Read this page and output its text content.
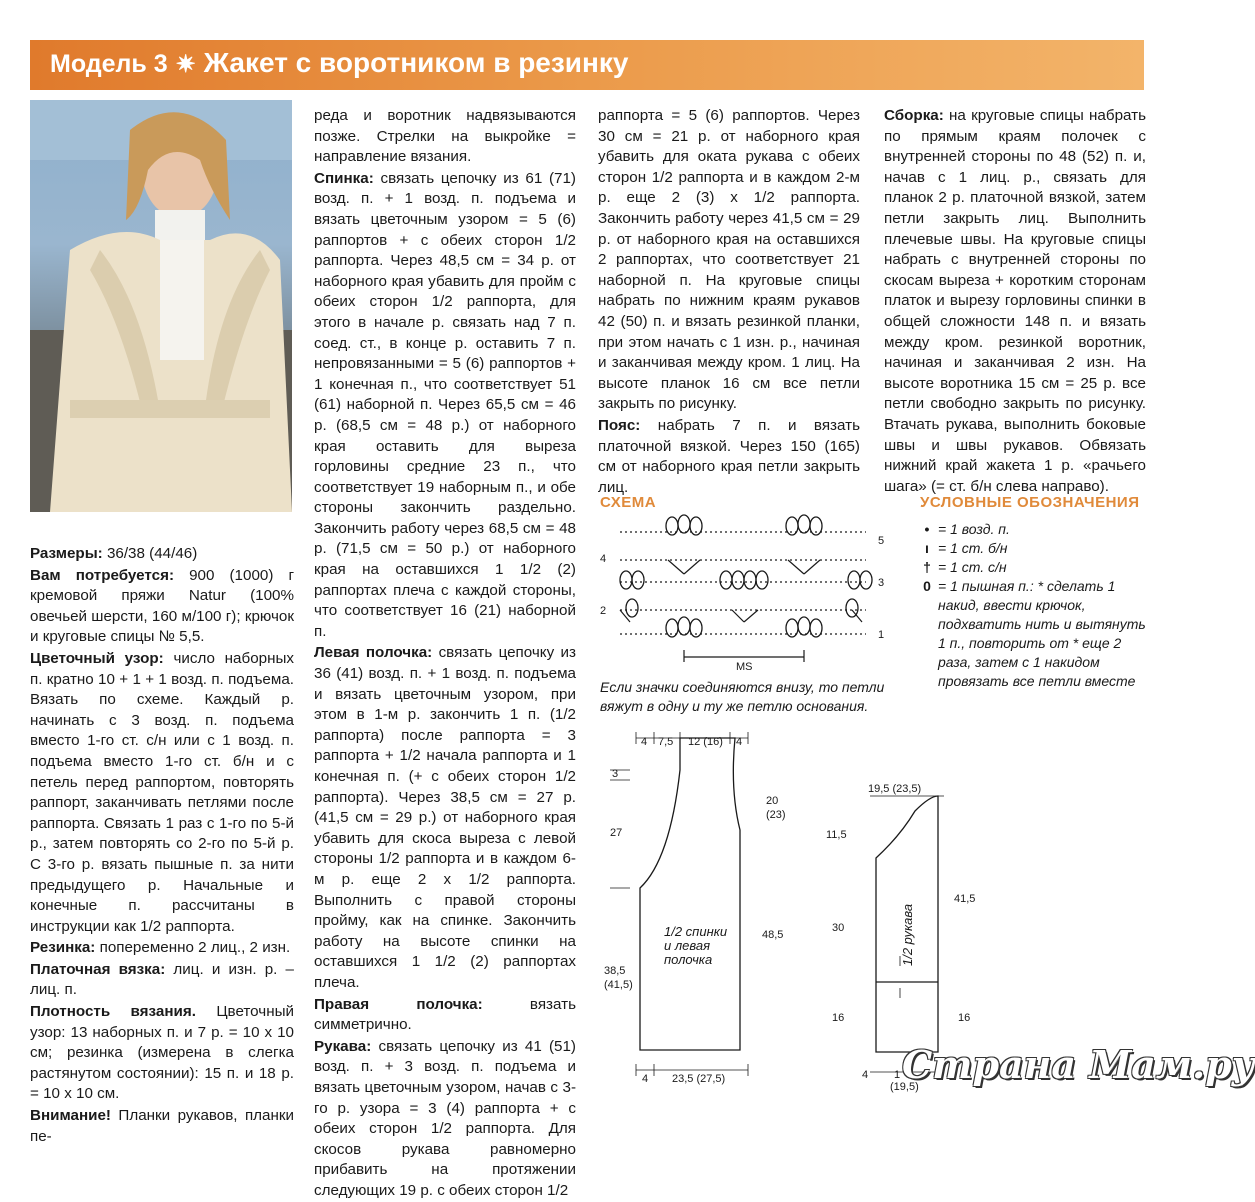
Модель 3 ✷ Жакет с воротником в резинку

Размеры: 36/38 (44/46)

Вам потребуется: 900 (1000) г кремовой пряжи Natur (100% овечьей шерсти, 160 м/100 г); крючок и круговые спицы № 5,5.

Цветочный узор: число наборных п. кратно 10 + 1 + 1 возд. п. подъема. Вязать по схеме. Каждый р. начинать с 3 возд. п. подъема вместо 1-го ст. с/н или с 1 возд. п. подъема вместо 1-го ст. б/н и с петель перед раппортом, повторять раппорт, заканчивать петлями после раппорта. Связать 1 раз с 1-го по 5-й р., затем повторять со 2-го по 5-й р. С 3-го р. вязать пышные п. за нити предыдущего р. Начальные и конечные п. рассчитаны в инструкции как 1/2 раппорта.

Резинка: попеременно 2 лиц., 2 изн.

Платочная вязка: лиц. и изн. р. – лиц. п.

Плотность вязания. Цветочный узор: 13 наборных п. и 7 р. = 10 x 10 см; резинка (измерена в слегка растянутом состоянии): 15 п. и 18 р. = 10 x 10 см.

Внимание! Планки рукавов, планки пе-

реда и воротник надвязываются позже. Стрелки на выкройке = направление вязания.

Спинка: связать цепочку из 61 (71) возд. п. + 1 возд. п. подъема и вязать цветочным узором = 5 (6) раппортов + с обеих сторон 1/2 раппорта. Через 48,5 см = 34 р. от наборного края убавить для пройм с обеих сторон 1/2 раппорта, для этого в начале р. связать над 7 п. соед. ст., в конце р. оставить 7 п. непровязанными = 5 (6) раппортов + 1 конечная п., что соответствует 51 (61) наборной п. Через 65,5 см = 46 р. (68,5 см = 48 р.) от наборного края оставить для выреза горловины средние 23 п., что соответствует 19 наборным п., и обе стороны закончить раздельно. Закончить работу через 68,5 см = 48 р. (71,5 см = 50 р.) от наборного края на оставшихся 1 1/2 (2) раппортах плеча с каждой стороны, что соответствует 16 (21) наборной п.

Левая полочка: связать цепочку из 36 (41) возд. п. + 1 возд. п. подъема и вязать цветочным узором, при этом в 1-м р. закончить 1 п. (1/2 раппорта) после раппорта = 3 раппорта + 1/2 начала раппорта и 1 конечная п. (+ с обеих сторон 1/2 раппорта). Через 38,5 см = 27 р. (41,5 см = 29 р.) от наборного края убавить для скоса выреза с левой стороны 1/2 раппорта и в каждом 6-м р. еще 2 x 1/2 раппорта. Выполнить с правой стороны пройму, как на спинке. Закончить работу на высоте спинки на оставшихся 1 1/2 (2) раппортах плеча.

Правая полочка: вязать симметрично.

Рукава: связать цепочку из 41 (51) возд. п. + 3 возд. п. подъема и вязать цветочным узором, начав с 3-го р. узора = 3 (4) раппорта + с обеих сторон 1/2 раппорта. Для скосов рукава равномерно прибавить на протяжении следующих 19 р. с обеих сторон 1/2

раппорта = 5 (6) раппортов. Через 30 см = 21 р. от наборного края убавить для оката рукава с обеих сторон 1/2 раппорта и в каждом 2-м р. еще 2 (3) x 1/2 раппорта. Закончить работу через 41,5 см = 29 р. от наборного края на оставшихся 2 раппортах, что соответствует 21 наборной п. На круговые спицы набрать по нижним краям рукавов 42 (50) п. и вязать резинкой планки, при этом начать с 1 изн. р., начиная и заканчивая между кром. 1 лиц. На высоте планок 16 см все петли закрыть по рисунку.

Пояс: набрать 7 п. и вязать платочной вязкой. Через 150 (165) см от наборного края петли закрыть лиц.

Сборка: на круговые спицы набрать по прямым краям полочек с внутренней стороны по 48 (52) п. и, начав с 1 лиц. р., связать для планок 2 р. платочной вязкой, затем петли закрыть лиц. Выполнить плечевые швы. На круговые спицы набрать с внутренней стороны по скосам выреза + коротким сторонам платок и вырезу горловины спинки в общей сложности 148 п. и вязать между кром. резинкой воротник, начиная и заканчивая 2 изн. На высоте воротника 15 см = 25 р. все петли свободно закрыть по рисунку. Втачать рукава, выполнить боковые швы и швы рукавов. Обвязать нижний край жакета 1 р. «рачьего шага» (= ст. б/н слева направо).

СХЕМА	УСЛОВНЫЕ ОБОЗНАЧЕНИЯ
5
3
1
4
2
MS
Если значки соединяются внизу, то петли вяжут в одну и ту же петлю основания.
• = 1 возд. п.
ı = 1 ст. б/н
† = 1 ст. с/н
0 = 1 пышная п.: * сделать 1 накид, ввести крючок, подхватить нить и вытянуть 1 п., повторить от * еще 2 раза, затем с 1 накидом провязать все петли вместе
4 7,5 12 (16) 4
3
27
20 (23)
38,5 (41,5)
48,5
4 23,5 (27,5)
1/2 спинки и левая полочка
19,5 (23,5)
11,5
30
41,5
16	16
4 1
(19,5)
1/2 рукава
Страна Мам.ру
